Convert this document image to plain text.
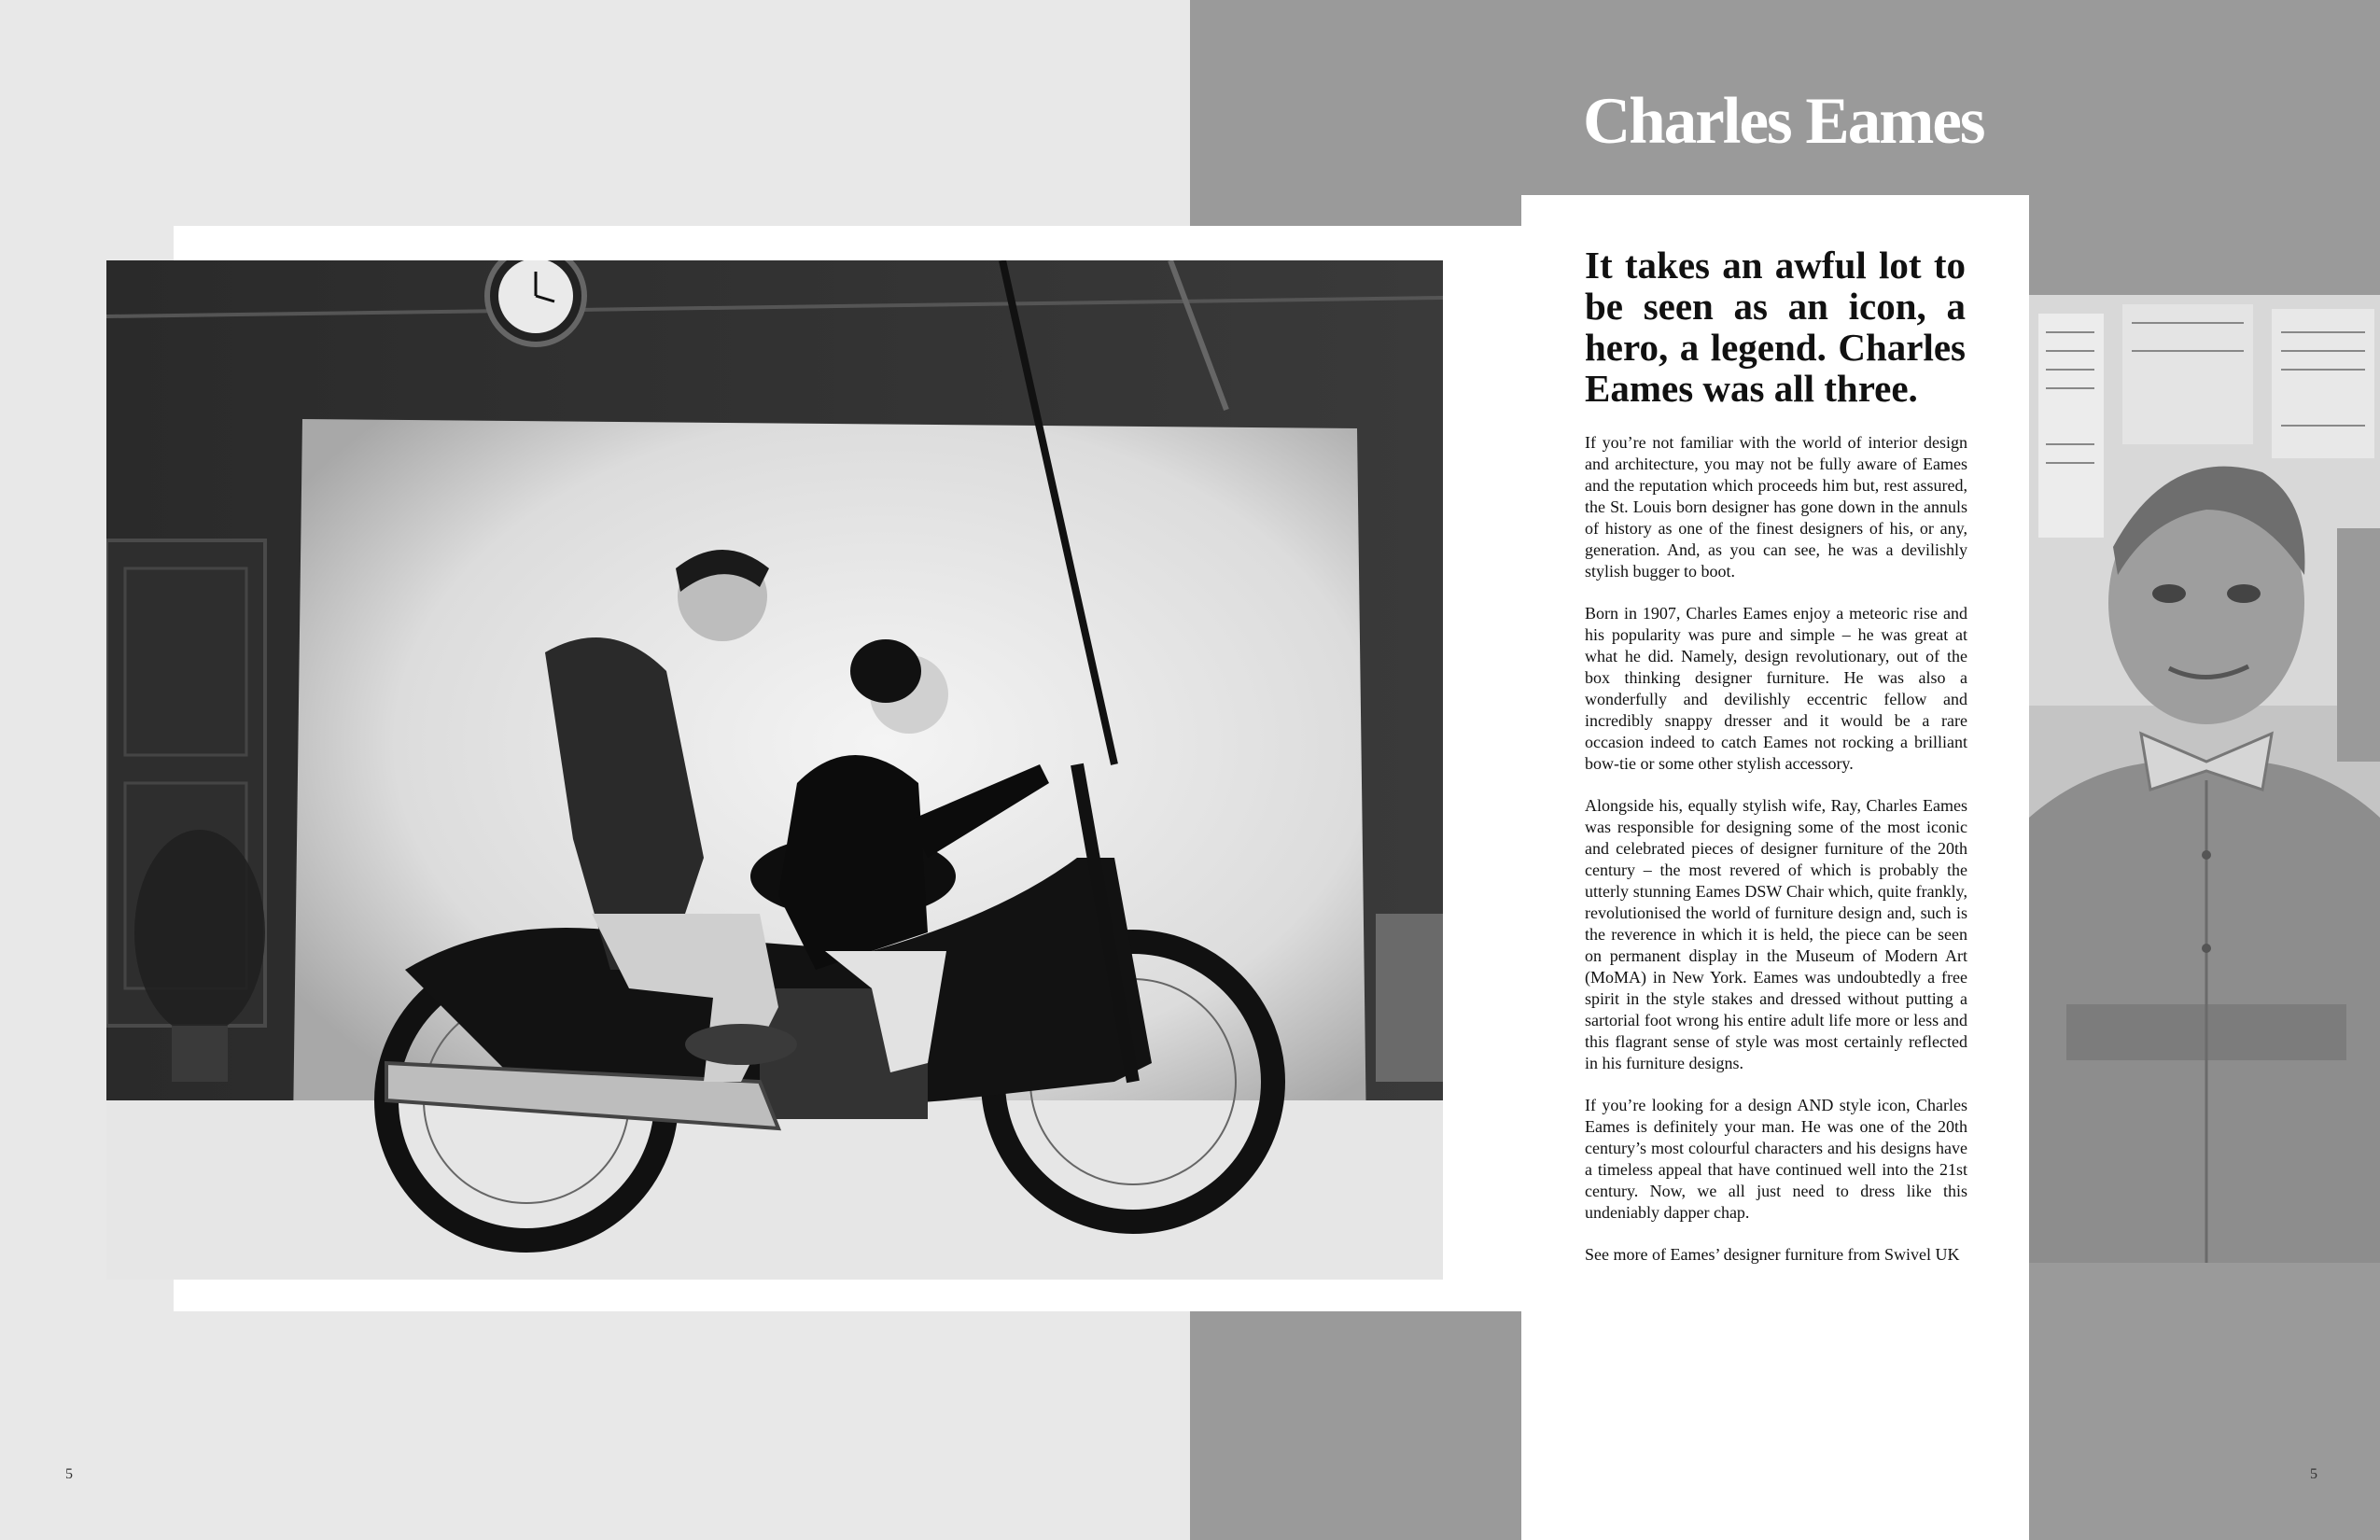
Charles Eames
It takes an awful lot to be seen as an icon, a hero, a legend. Charles Eames was all three.

If you’re not familiar with the world of interior design and architecture, you may not be fully aware of Eames and the reputation which proceeds him but, rest assured, the St. Louis born designer has gone down in the annuls of history as one of the finest designers of his, or any, generation. And, as you can see, he was a devilishly stylish bugger to boot.

Born in 1907, Charles Eames enjoy a meteoric rise and his popularity was pure and simple – he was great at what he did. Namely, design revolutionary, out of the box thinking designer furniture. He was also a wonderfully and devilishly eccentric fellow and incredibly snappy dresser and it would be a rare occasion indeed to catch Eames not rocking a brilliant bow-tie or some other stylish accessory.

Alongside his, equally stylish wife, Ray, Charles Eames was responsible for designing some of the most iconic and celebrated pieces of designer furniture of the 20th century – the most revered of which is probably the utterly stunning Eames DSW Chair which, quite frankly, revolutionised the world of furniture design and, such is the reverence in which it is held, the piece can be seen on permanent display in the Museum of Modern Art (MoMA) in New York. Eames was undoubtedly a free spirit in the style stakes and dressed without putting a sartorial foot wrong his entire adult life more or less and this flagrant sense of style was most certainly reflected in his furniture designs.

If you’re looking for a design AND style icon, Charles Eames is definitely your man. He was one of the 20th century’s most colourful characters and his designs have a timeless appeal that have continued well into the 21st century. Now, we all just need to dress like this undeniably dapper chap.

See more of Eames’ designer furniture from Swivel UK

5	5
